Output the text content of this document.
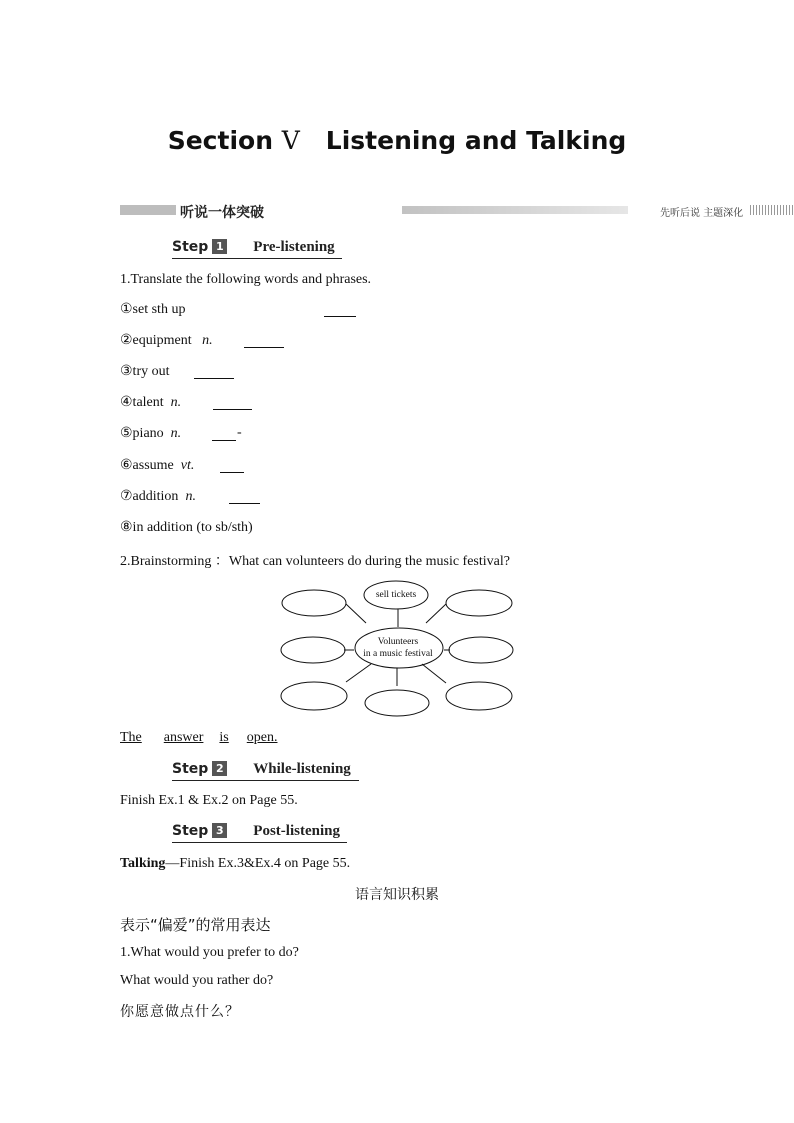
Section Ⅴ Listening and Talking
听说一体突破	先听后说 主题深化
Step 1 Pre-listening
1.Translate the following words and phrases.
①set sth up
②equipment n.
③try out
④talent n.
⑤piano n.	-
⑥assume vt.
⑦addition n.
⑧in addition (to sb/sth)
2.Brainstorming ：What can volunteers do during the music festival?
sell tickets
Volunteers
in a music festival
The answer is open.
Step 2 While-listening
Finish Ex.1 & Ex.2 on Page 55.
Step 3 Post-listening
Talking—Finish Ex.3&Ex.4 on Page 55.
语言知识积累
表示“偏爱”的常用表达
1.What would you prefer to do?
What would you rather do?
你愿意做点什么？
